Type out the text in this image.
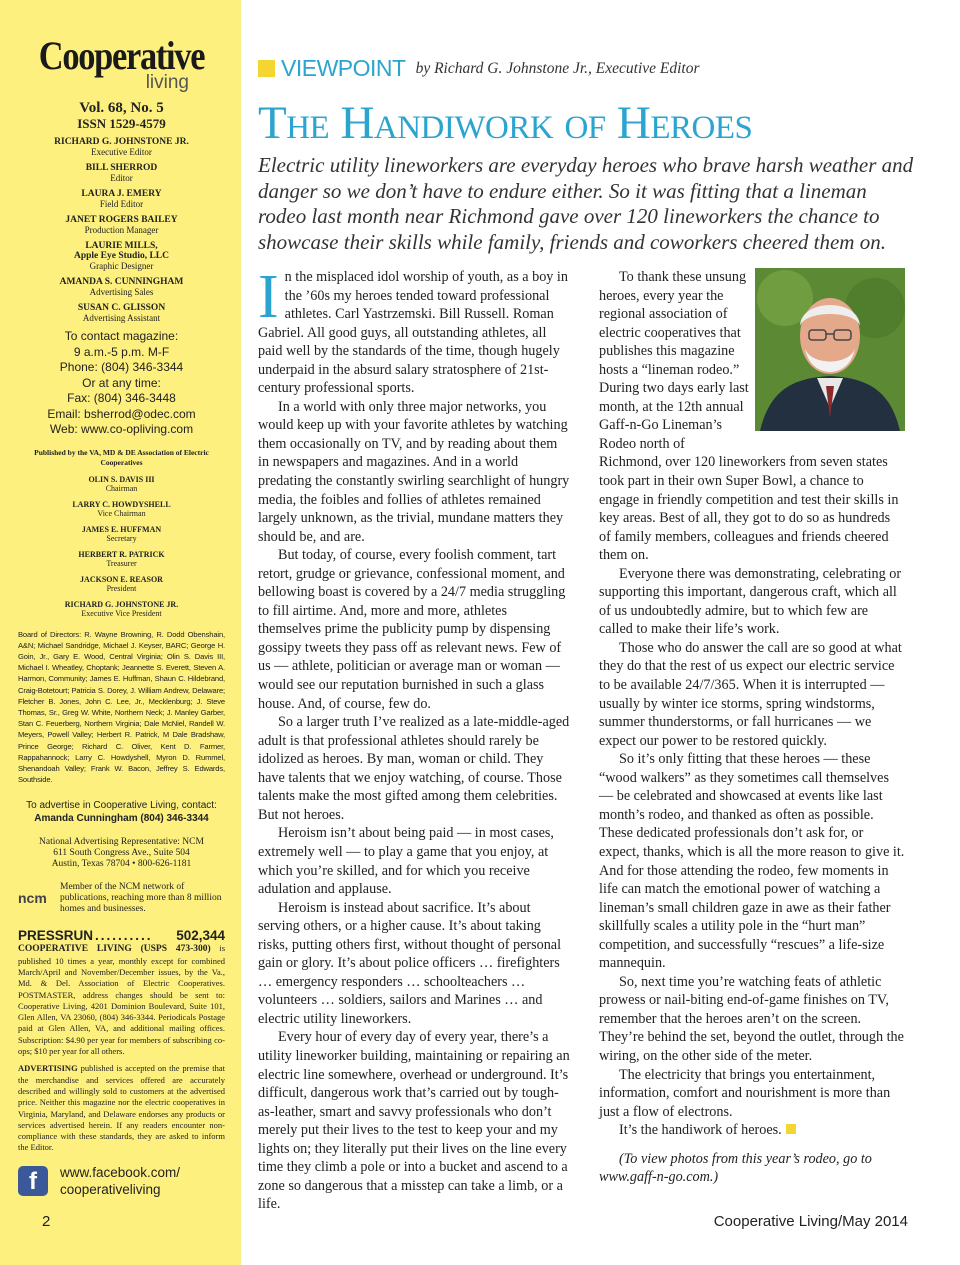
Cooperative
living
Vol. 68, No. 5
ISSN 1529-4579
RICHARD G. JOHNSTONE JR.
Executive Editor
BILL SHERROD
Editor
LAURA J. EMERY
Field Editor
JANET ROGERS BAILEY
Production Manager
LAURIE MILLS,
Apple Eye Studio, LLC
Graphic Designer
AMANDA S. CUNNINGHAM
Advertising Sales
SUSAN C. GLISSON
Advertising Assistant
To contact magazine:
9 a.m.-5 p.m. M-F
Phone: (804) 346-3344
Or at any time:
Fax: (804) 346-3448
Email: bsherrod@odec.com
Web: www.co-opliving.com
Published by the VA, MD & DE Association of Electric Cooperatives
OLIN S. DAVIS III
Chairman
LARRY C. HOWDYSHELL
Vice Chairman
JAMES E. HUFFMAN
Secretary
HERBERT R. PATRICK
Treasurer
JACKSON E. REASOR
President
RICHARD G. JOHNSTONE JR.
Executive Vice President
Board of Directors: R. Wayne Browning, R. Dodd Obenshain, A&N; Michael Sandridge, Michael J. Keyser, BARC; George H. Goin, Jr., Gary E. Wood, Central Virginia; Olin S. Davis III, Michael I. Wheatley, Choptank; Jeannette S. Everett, Steven A. Harmon, Community; James E. Huffman, Shaun C. Hildebrand, Craig-Botetourt; Patricia S. Dorey, J. William Andrew, Delaware; Fletcher B. Jones, John C. Lee, Jr., Mecklenburg; J. Steve Thomas, Sr., Greg W. White, Northern Neck; J. Manley Garber, Stan C. Feuerberg, Northern Virginia; Dale McNiel, Randell W. Meyers, Powell Valley; Herbert R. Patrick, M Dale Bradshaw, Prince George; Richard C. Oliver, Kent D. Farmer, Rappahannock; Larry C. Howdyshell, Myron D. Rummel, Shenandoah Valley; Frank W. Bacon, Jeffrey S. Edwards, Southside.
To advertise in Cooperative Living, contact:
Amanda Cunningham (804) 346-3344
National Advertising Representative: NCM
611 South Congress Ave., Suite 504
Austin, Texas 78704 • 800-626-1181
ncm
Member of the NCM network of publications, reaching more than 8 million homes and businesses.
PRESSRUN ..........	502,344
COOPERATIVE LIVING (USPS 473-300) is published 10 times a year, monthly except for combined March/April and November/December issues, by the Va., Md. & Del. Association of Electric Cooperatives. POSTMASTER, address changes should be sent to: Cooperative Living, 4201 Dominion Boulevard, Suite 101, Glen Allen, VA 23060, (804) 346-3344. Periodicals Postage paid at Glen Allen, VA, and additional mailing offices. Subscription: $4.90 per year for members of subscribing co-ops; $10 per year for all others.
ADVERTISING published is accepted on the premise that the merchandise and services offered are accurately described and willingly sold to customers at the advertised price. Neither this magazine nor the electric cooperatives in Virginia, Maryland, and Delaware endorses any products or services advertised herein. If any readers encounter non-compliance with these standards, they are asked to inform the Editor.
f	www.facebook.com/
cooperativeliving
2
VIEWPOINT by Richard G. Johnstone Jr., Executive Editor
The Handiwork of Heroes
Electric utility lineworkers are everyday heroes who brave harsh weather and danger so we don’t have to endure either. So it was fitting that a lineman rodeo last month near Richmond gave over 120 lineworkers the chance to showcase their skills while family, friends and coworkers cheered them on.

In the misplaced idol worship of youth, as a boy in the ’60s my heroes tended toward professional athletes. Carl Yastrzemski. Bill Russell. Roman Gabriel. All good guys, all outstanding athletes, all paid well by the standards of the time, though hugely underpaid in the absurd salary stratosphere of 21st-century professional sports.

In a world with only three major networks, you would keep up with your favorite athletes by watching them occasionally on TV, and by reading about them in newspapers and magazines. And in a world predating the constantly swirling searchlight of hungry media, the foibles and follies of athletes remained largely unknown, as the trivial, mundane matters they should be, and are.

But today, of course, every foolish comment, tart retort, grudge or grievance, confessional moment, and bellowing boast is covered by a 24/7 media struggling to fill airtime. And, more and more, athletes themselves prime the publicity pump by dispensing gossipy tweets they pass off as relevant news. Few of us — athlete, politician or average man or woman — would see our reputation burnished in such a glass house. And, of course, few do.

So a larger truth I’ve realized as a late-middle-aged adult is that professional athletes should rarely be idolized as heroes. By man, woman or child. They have talents that we enjoy watching, of course. Those talents make the most gifted among them celebrities. But not heroes.

Heroism isn’t about being paid — in most cases, extremely well — to play a game that you enjoy, at which you’re skilled, and for which you receive adulation and applause.

Heroism is instead about sacrifice. It’s about serving others, or a higher cause. It’s about taking risks, putting others first, without thought of personal gain or glory. It’s about police officers … firefighters … emergency responders … schoolteachers … volunteers … soldiers, sailors and Marines … and electric utility lineworkers.

Every hour of every day of every year, there’s a utility lineworker building, maintaining or repairing an electric line somewhere, overhead or underground. It’s difficult, dangerous work that’s carried out by tough-as-leather, smart and savvy professionals who don’t merely put their lives to the test to keep your and my lights on; they literally put their lives on the line every time they climb a pole or into a bucket and ascend to a zone so dangerous that a misstep can take a limb, or a life.

To thank these unsung heroes, every year the regional association of electric cooperatives that publishes this magazine hosts a “lineman rodeo.” During two days early last month, at the 12th annual Gaff-n-Go Lineman’s Rodeo north of Richmond, over 120 lineworkers from seven states took part in their own Super Bowl, a chance to engage in friendly competition and test their skills in key areas. Best of all, they got to do so as hundreds of family members, colleagues and friends cheered them on.

Everyone there was demonstrating, celebrating or supporting this important, dangerous craft, which all of us undoubtedly admire, but to which few are called to make their life’s work.

Those who do answer the call are so good at what they do that the rest of us expect our electric service to be available 24/7/365. When it is interrupted — usually by winter ice storms, spring windstorms, summer thunderstorms, or fall hurricanes — we expect our power to be restored quickly.

So it’s only fitting that these heroes — these “wood walkers” as they sometimes call themselves — be celebrated and showcased at events like last month’s rodeo, and thanked as often as possible. These dedicated professionals don’t ask for, or expect, thanks, which is all the more reason to give it. And for those attending the rodeo, few moments in life can match the emotional power of watching a lineman’s small children gaze in awe as their father skillfully scales a utility pole in the “hurt man” competition, and successfully “rescues” a life-size mannequin.

So, next time you’re watching feats of athletic prowess or nail-biting end-of-game finishes on TV, remember that the heroes aren’t on the screen. They’re behind the set, beyond the outlet, through the wiring, on the other side of the meter.

The electricity that brings you entertainment, information, comfort and nourishment is more than just a flow of electrons.

It’s the handiwork of heroes.

(To view photos from this year’s rodeo, go to www.gaff-n-go.com.)

Cooperative Living/May 2014
